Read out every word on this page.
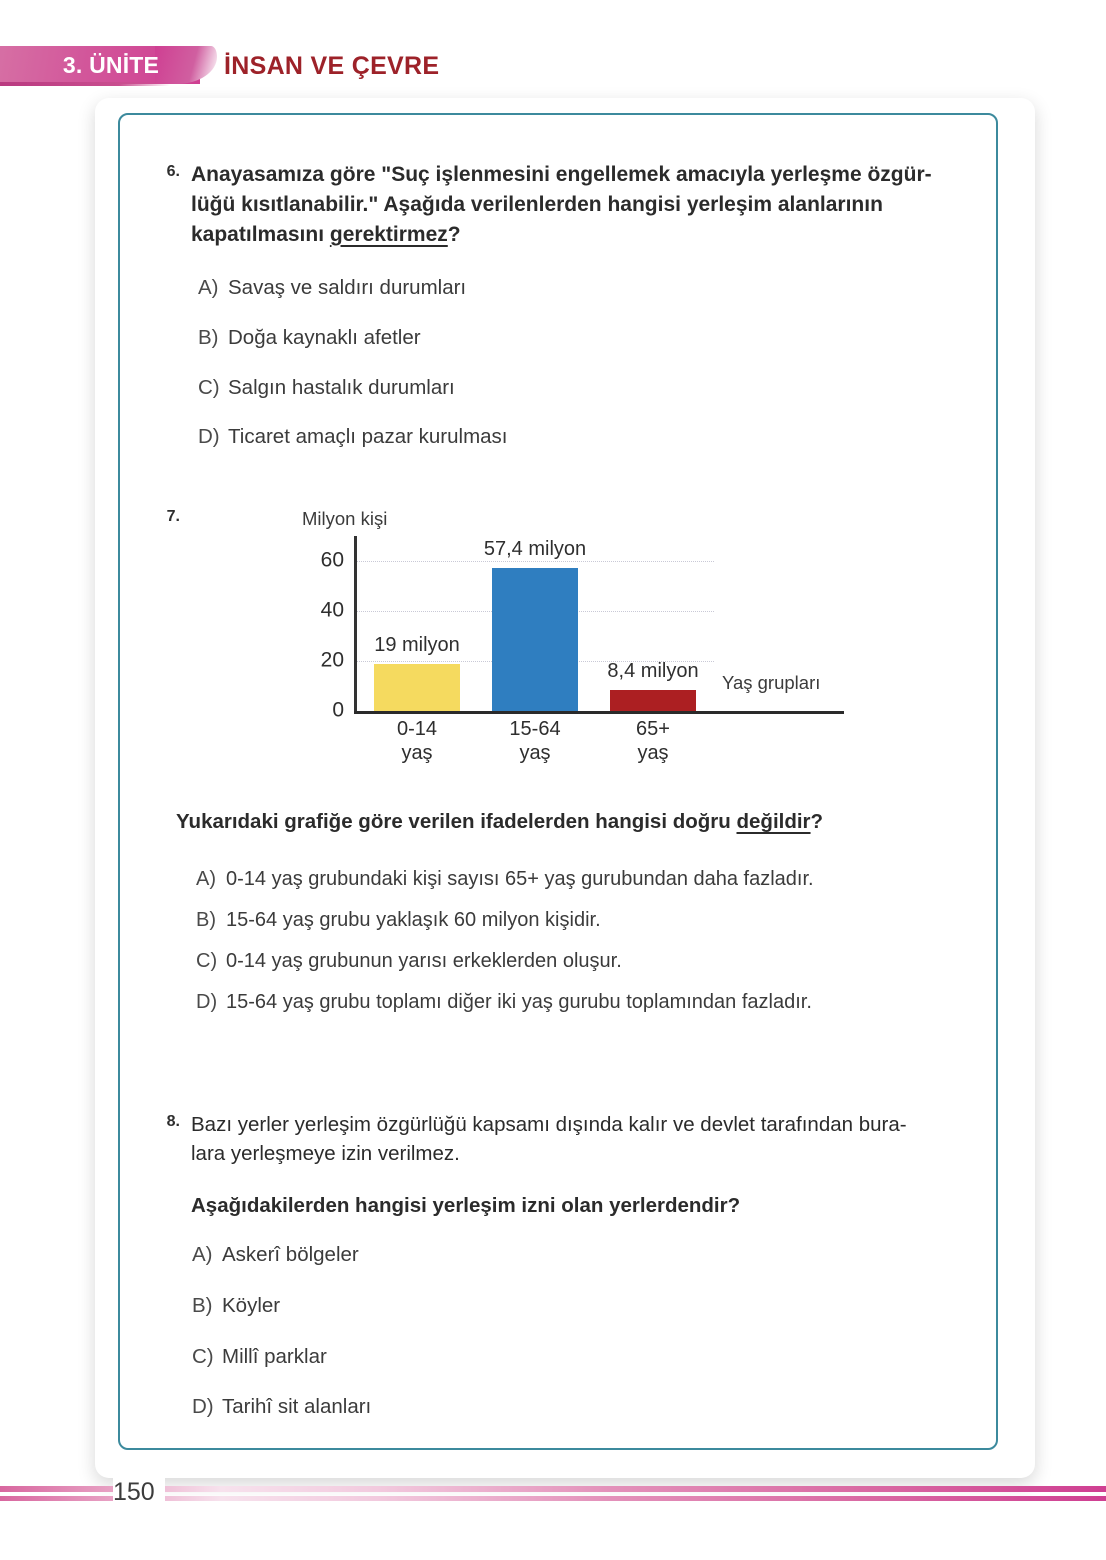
3. ÜNİTE	İNSAN VE ÇEVRE
6. Anayasamıza göre "Suç işlenmesini engellemek amacıyla yerleşme özgür-
lüğü kısıtlanabilir." Aşağıda verilenlerden hangisi yerleşim alanlarının
kapatılmasını gerektirmez?
A) Savaş ve saldırı durumları
B) Doğa kaynaklı afetler
C) Salgın hastalık durumları
D) Ticaret amaçlı pazar kurulması
7.	Milyon kişi
0
20
40
60
19 milyon
0-14
yaş
57,4 milyon
15-64
yaş
8,4 milyon
65+
yaş
Yaş grupları
Yukarıdaki grafiğe göre verilen ifadelerden hangisi doğru değildir?
A) 0-14 yaş grubundaki kişi sayısı 65+ yaş gurubundan daha fazladır.
B) 15-64 yaş grubu yaklaşık 60 milyon kişidir.
C) 0-14 yaş grubunun yarısı erkeklerden oluşur.
D) 15-64 yaş grubu toplamı diğer iki yaş gurubu toplamından fazladır.
8. Bazı yerler yerleşim özgürlüğü kapsamı dışında kalır ve devlet tarafından bura-
lara yerleşmeye izin verilmez.
Aşağıdakilerden hangisi yerleşim izni olan yerlerdendir?
A) Askerî bölgeler
B) Köyler
C) Millî parklar
D) Tarihî sit alanları
150
